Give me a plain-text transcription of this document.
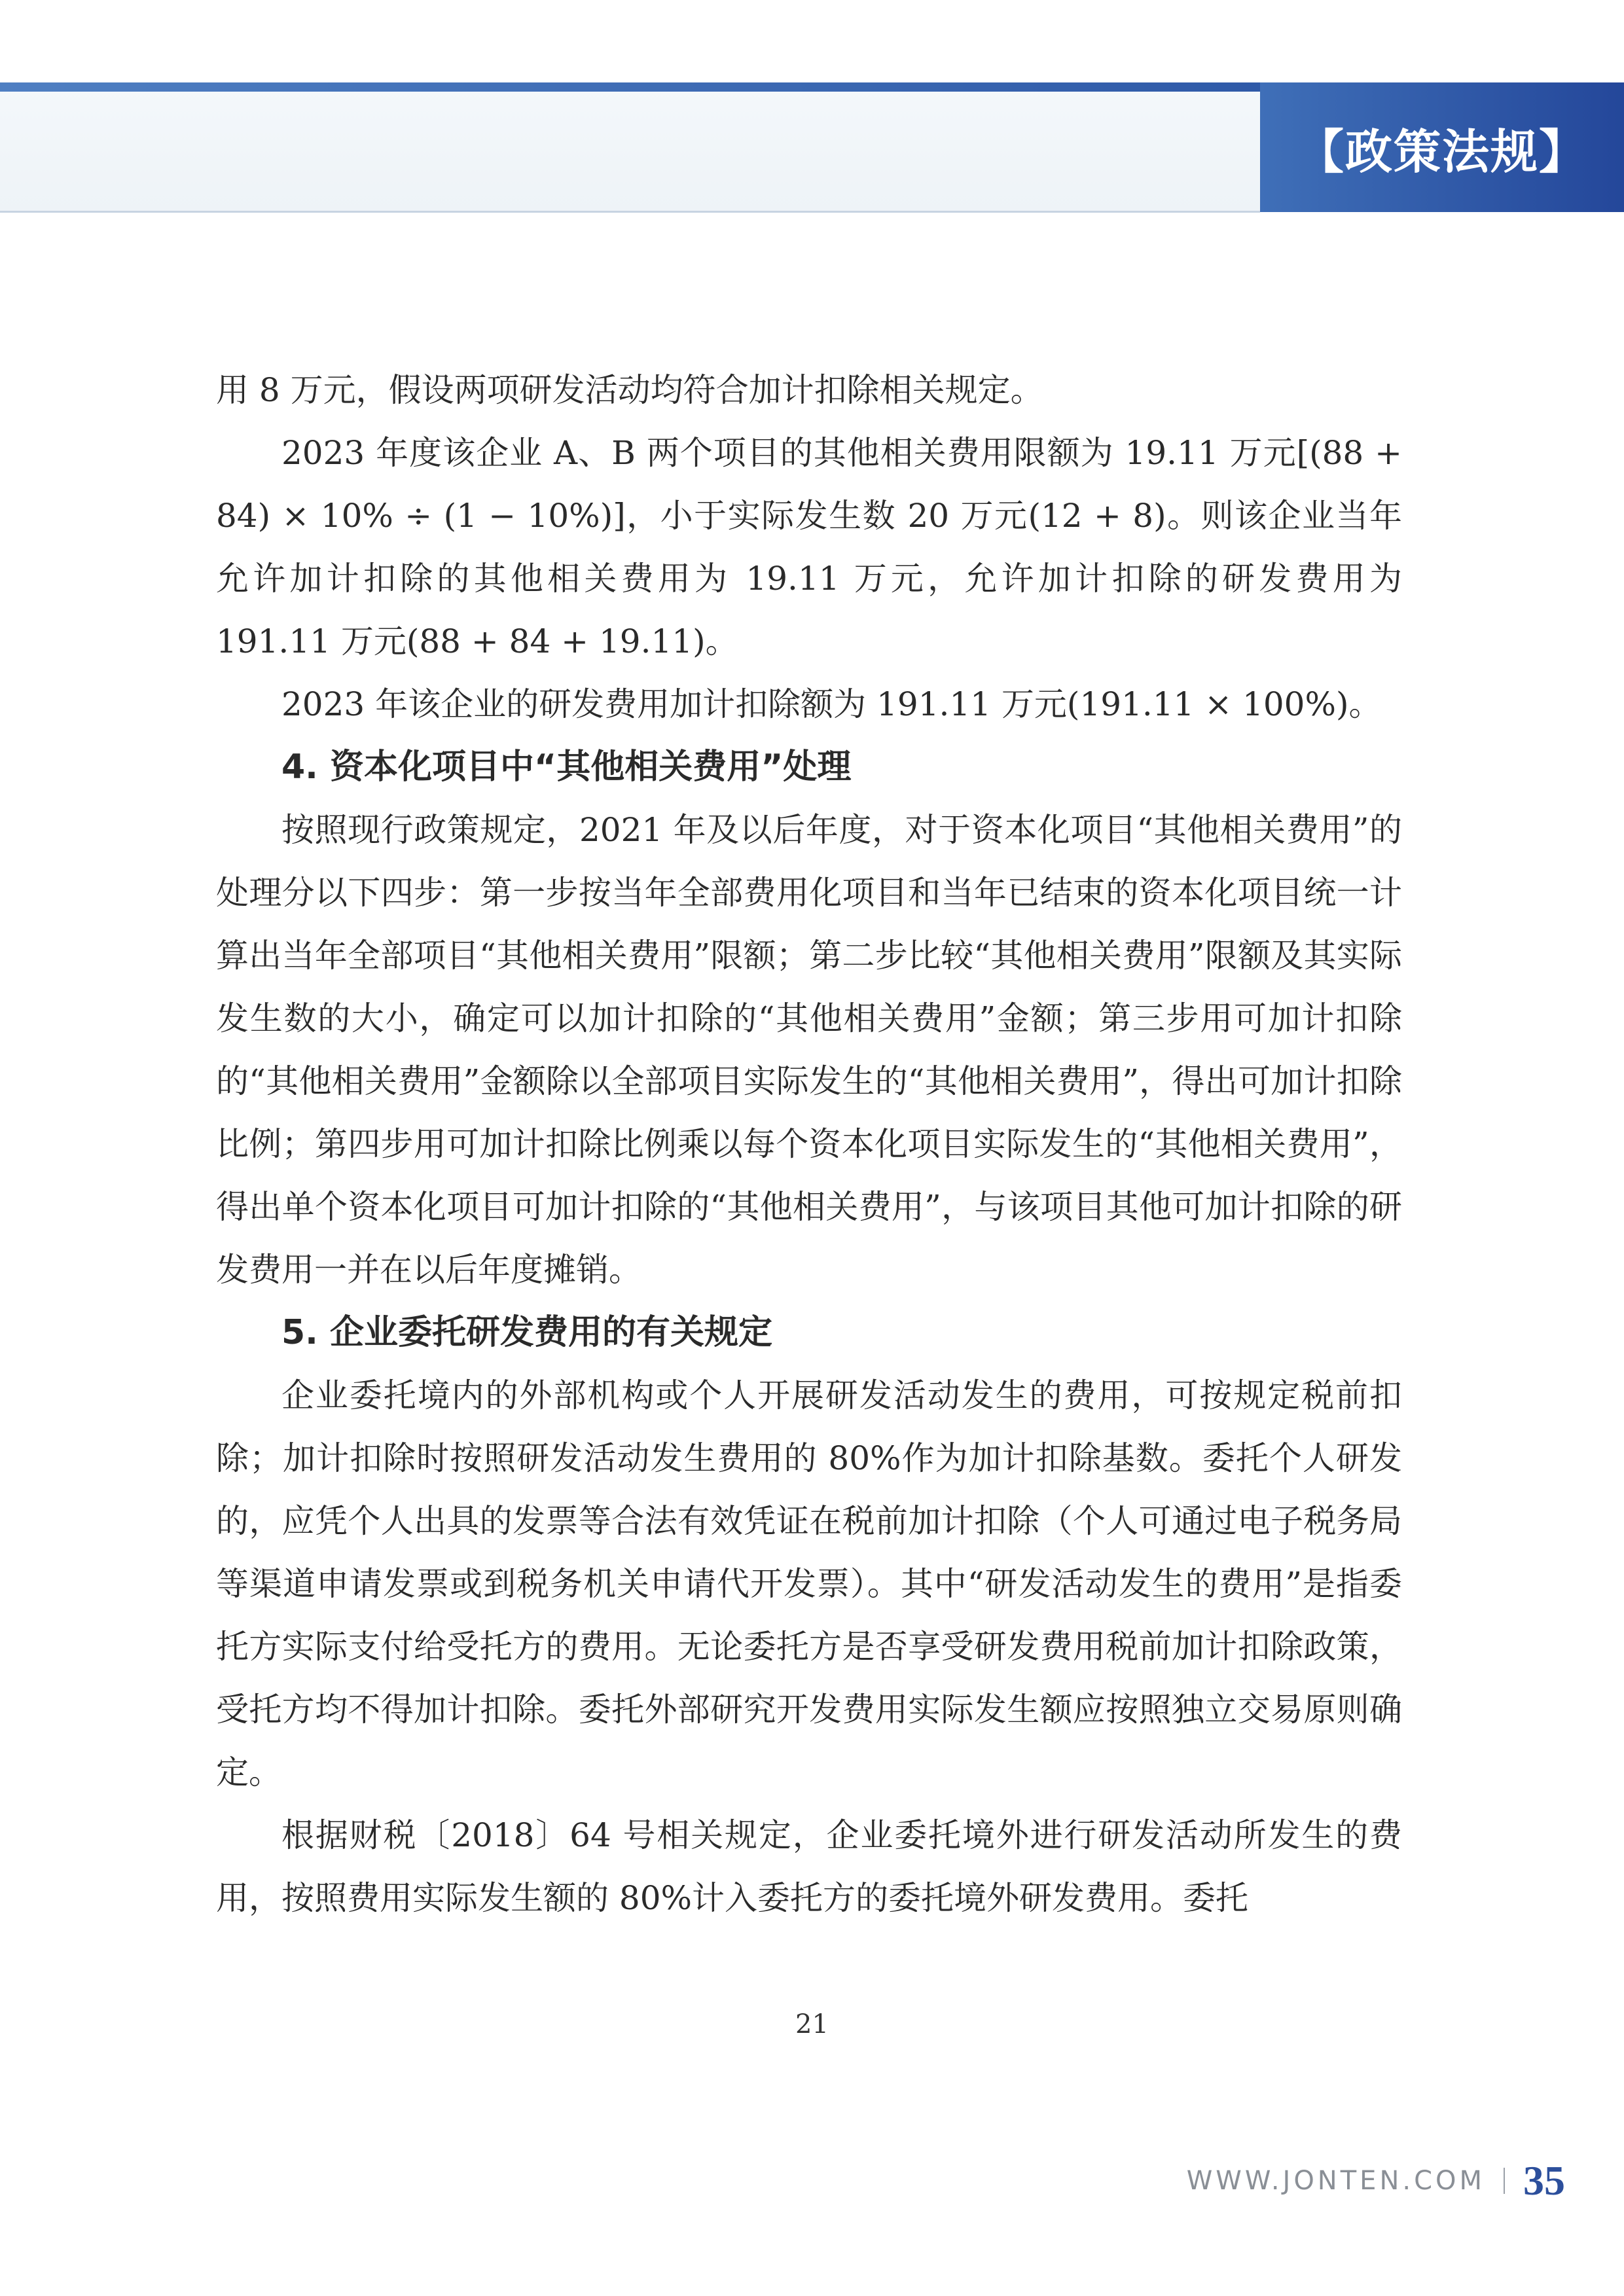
【政策法规】

用 8 万元，假设两项研发活动均符合加计扣除相关规定。

2023 年度该企业 A、B 两个项目的其他相关费用限额为 19.11 万元[(88 + 84) × 10% ÷ (1 − 10%)]，小于实际发生数 20 万元(12 + 8)。则该企业当年允许加计扣除的其他相关费用为 19.11 万元，允许加计扣除的研发费用为 191.11 万元(88 + 84 + 19.11)。

2023 年该企业的研发费用加计扣除额为 191.11 万元(191.11 × 100%)。

4. 资本化项目中“其他相关费用”处理

按照现行政策规定，2021 年及以后年度，对于资本化项目“其他相关费用”的处理分以下四步：第一步按当年全部费用化项目和当年已结束的资本化项目统一计算出当年全部项目“其他相关费用”限额；第二步比较“其他相关费用”限额及其实际发生数的大小，确定可以加计扣除的“其他相关费用”金额；第三步用可加计扣除的“其他相关费用”金额除以全部项目实际发生的“其他相关费用”，得出可加计扣除比例；第四步用可加计扣除比例乘以每个资本化项目实际发生的“其他相关费用”，得出单个资本化项目可加计扣除的“其他相关费用”，与该项目其他可加计扣除的研发费用一并在以后年度摊销。

5. 企业委托研发费用的有关规定

企业委托境内的外部机构或个人开展研发活动发生的费用，可按规定税前扣除；加计扣除时按照研发活动发生费用的 80%作为加计扣除基数。委托个人研发的，应凭个人出具的发票等合法有效凭证在税前加计扣除（个人可通过电子税务局等渠道申请发票或到税务机关申请代开发票）。其中“研发活动发生的费用”是指委托方实际支付给受托方的费用。无论委托方是否享受研发费用税前加计扣除政策，受托方均不得加计扣除。委托外部研究开发费用实际发生额应按照独立交易原则确定。

根据财税〔2018〕64 号相关规定，企业委托境外进行研发活动所发生的费用，按照费用实际发生额的 80%计入委托方的委托境外研发费用。委托

21
WWW.JONTEN.COM 35
